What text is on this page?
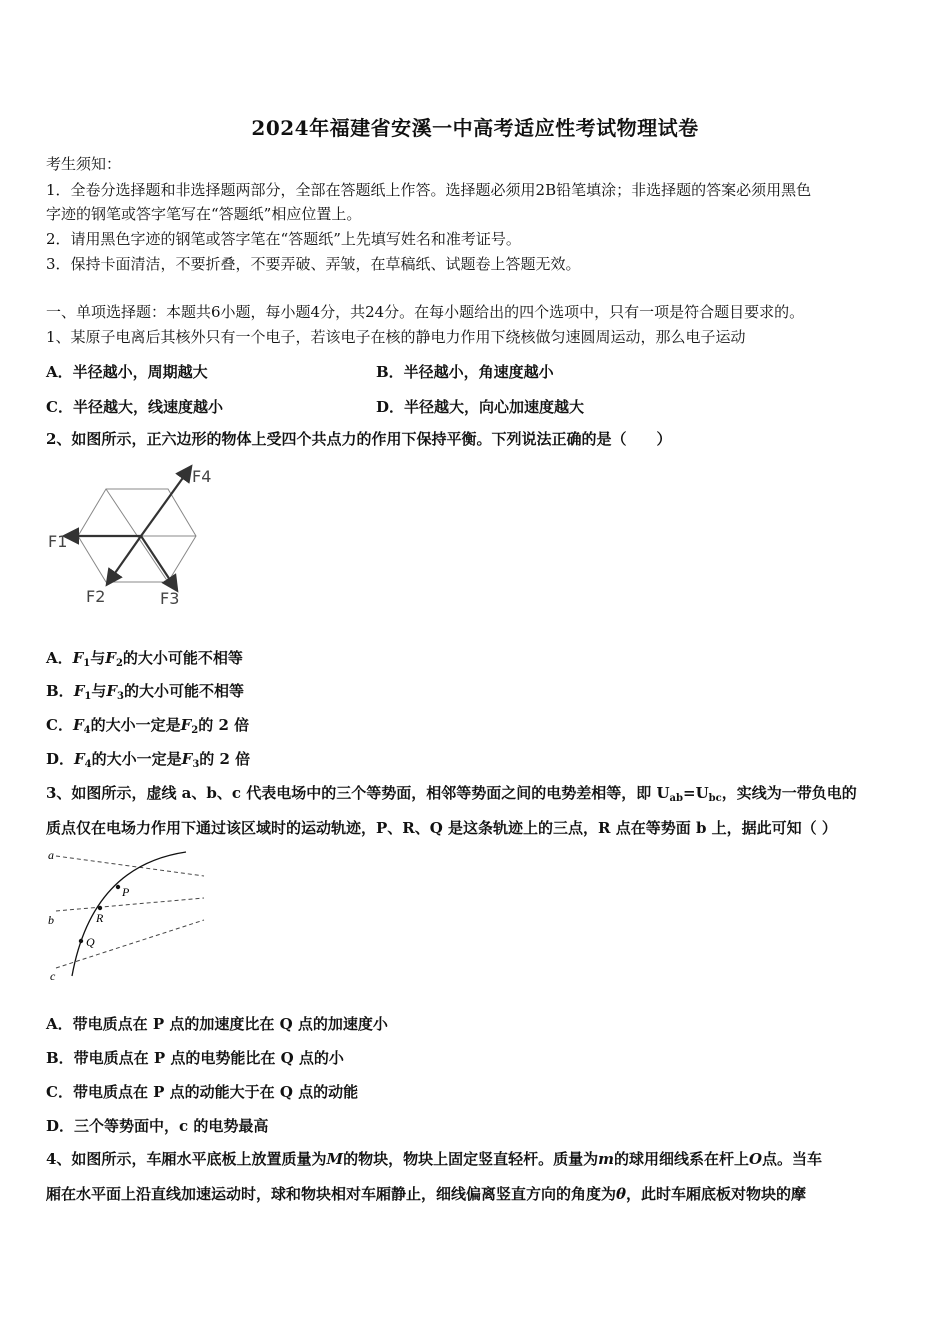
2024年福建省安溪一中高考适应性考试物理试卷
考生须知：
1．全卷分选择题和非选择题两部分，全部在答题纸上作答。选择题必须用2B铅笔填涂；非选择题的答案必须用黑色
字迹的钢笔或答字笔写在“答题纸”相应位置上。
2．请用黑色字迹的钢笔或答字笔在“答题纸”上先填写姓名和准考证号。
3．保持卡面清洁，不要折叠，不要弄破、弄皱，在草稿纸、试题卷上答题无效。
一、单项选择题：本题共6小题，每小题4分，共24分。在每小题给出的四个选项中，只有一项是符合题目要求的。
1、某原子电离后其核外只有一个电子，若该电子在核的静电力作用下绕核做匀速圆周运动，那么电子运动
A．半径越小，周期越大	B．半径越小，角速度越小
C．半径越大，线速度越小	D．半径越大，向心加速度越大
2、如图所示，正六边形的物体上受四个共点力的作用下保持平衡。下列说法正确的是（　　）
F4
F1
F2	F3
A．$F_1$与$F_2$的大小可能不相等
B．$F_1$与$F_3$的大小可能不相等
C．$F_4$的大小一定是$F_2$的 2 倍
D．$F_4$的大小一定是$F_3$的 2 倍
3、如图所示，虚线 a、b、c 代表电场中的三个等势面，相邻等势面之间的电势差相等，即 $U_{ab}=U_{bc}$，实线为一带负电的
质点仅在电场力作用下通过该区域时的运动轨迹，P、R、Q 是这条轨迹上的三点，R 点在等势面 b 上，据此可知（ ）
a
b
c
P
R
Q
A．带电质点在 P 点的加速度比在 Q 点的加速度小
B．带电质点在 P 点的电势能比在 Q 点的小
C．带电质点在 P 点的动能大于在 Q 点的动能
D．三个等势面中，c 的电势最高
4、如图所示，车厢水平底板上放置质量为M的物块，物块上固定竖直轻杆。质量为m的球用细线系在杆上O点。当车
厢在水平面上沿直线加速运动时，球和物块相对车厢静止，细线偏离竖直方向的角度为θ，此时车厢底板对物块的摩
